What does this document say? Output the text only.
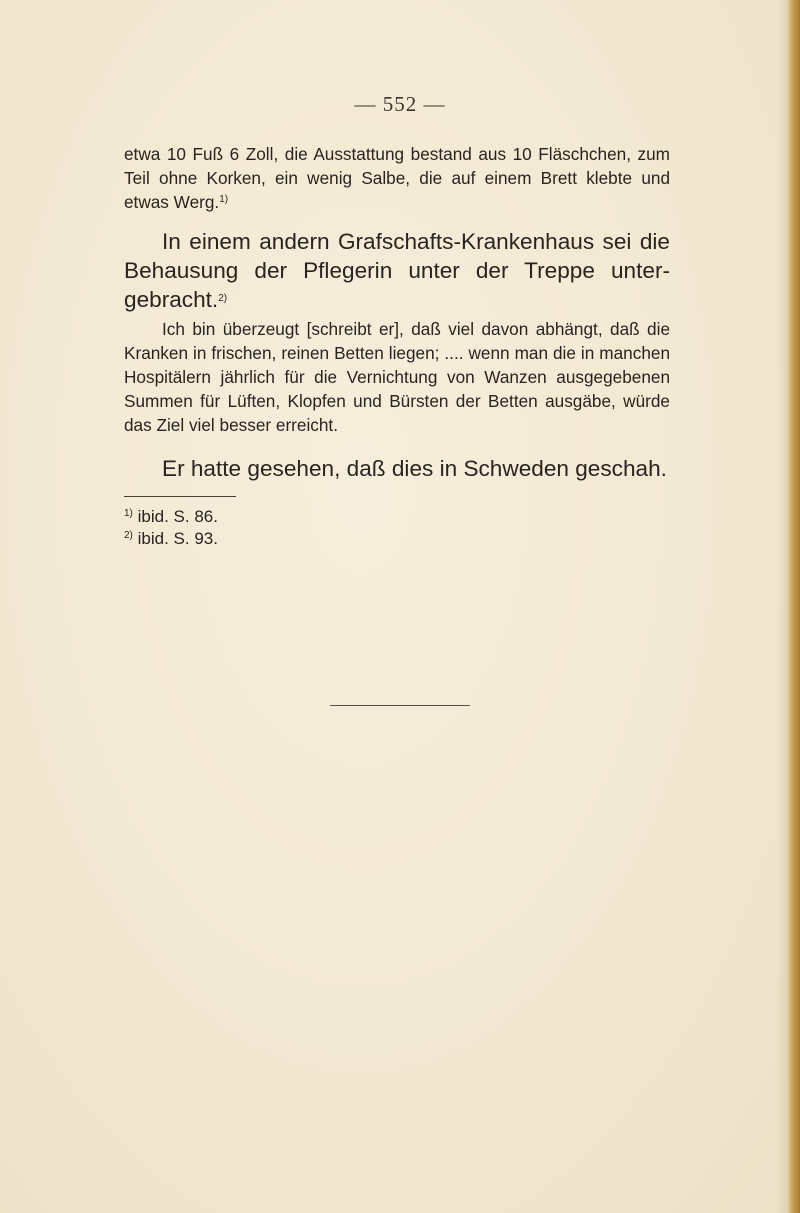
— 552 —

etwa 10 Fuß 6 Zoll, die Ausstattung bestand aus 10 Fläschchen, zum Teil ohne Korken, ein wenig Salbe, die auf einem Brett klebte und etwas Werg.$^{1)}$

In einem andern Grafschafts-Krankenhaus sei die Behausung der Pflegerin unter der Treppe unter-gebracht.$^{2)}$

Ich bin überzeugt [schreibt er], daß viel davon abhängt, daß die Kranken in frischen, reinen Betten liegen; .... wenn man die in manchen Hospitälern jährlich für die Vernichtung von Wanzen ausgegebenen Summen für Lüften, Klopfen und Bürsten der Betten ausgäbe, würde das Ziel viel besser erreicht.

Er hatte gesehen, daß dies in Schweden geschah.

$^{1)}$ ibid. S. 86.
$^{2)}$ ibid. S. 93.
